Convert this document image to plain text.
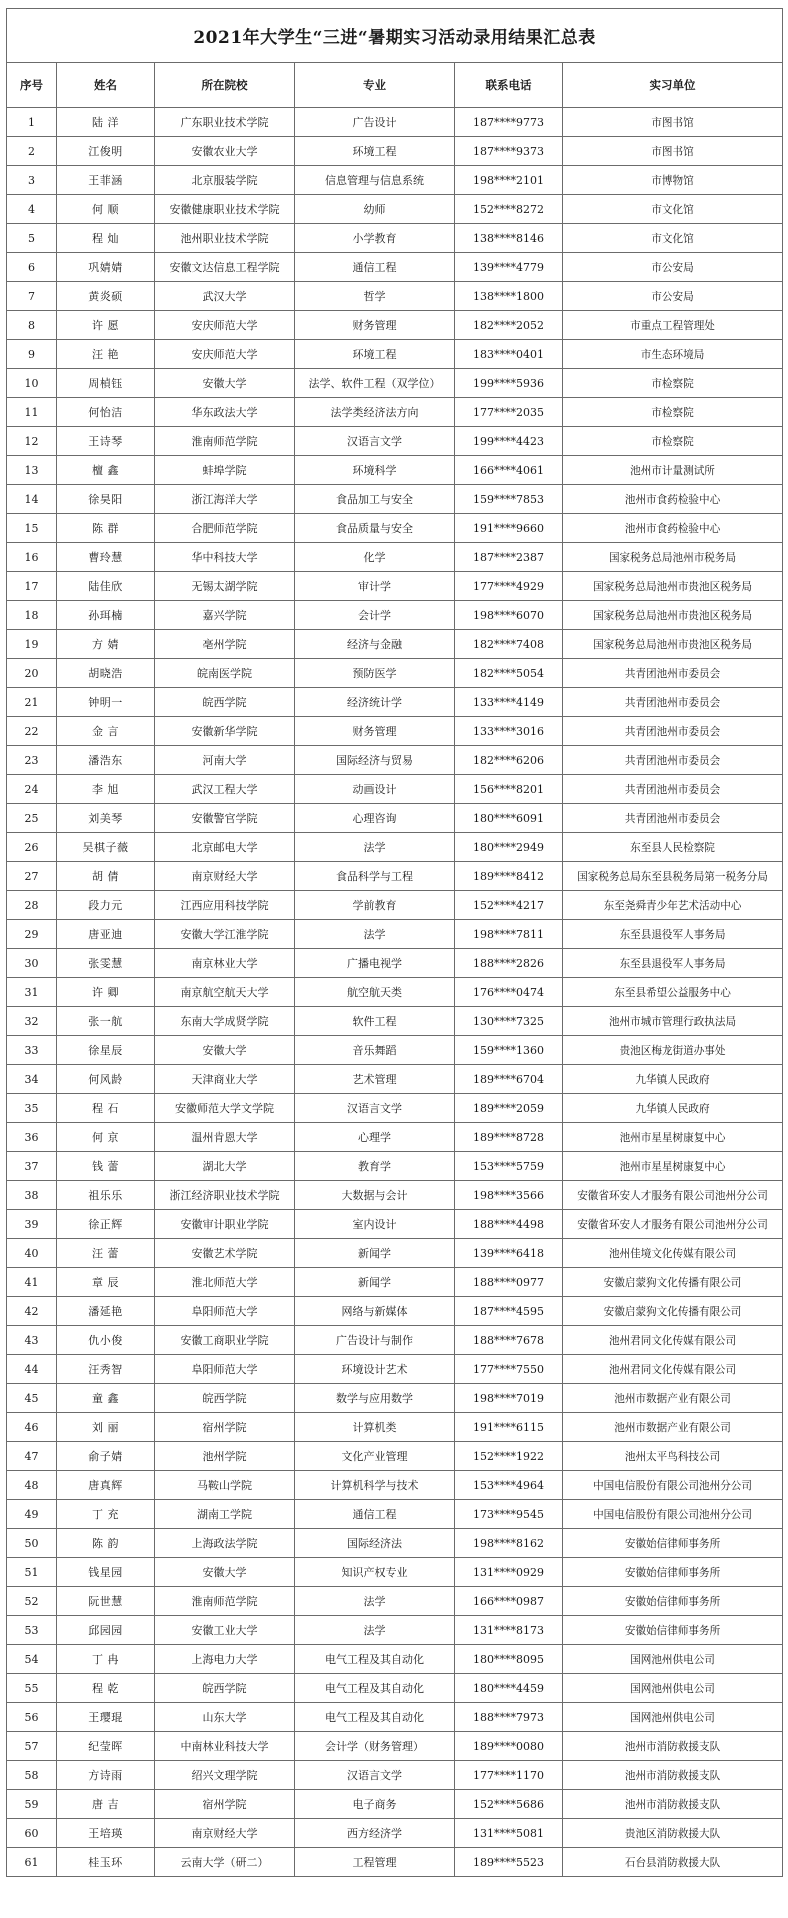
2021年大学生“三进“暑期实习活动录用结果汇总表					
序号	姓名	所在院校	专业	联系电话	实习单位
1	陆 洋	广东职业技术学院	广告设计	187****9773	市图书馆
2	江俊明	安徽农业大学	环境工程	187****9373	市图书馆
3	王菲涵	北京服装学院	信息管理与信息系统	198****2101	市博物馆
4	何 顺	安徽健康职业技术学院	幼师	152****8272	市文化馆
5	程 灿	池州职业技术学院	小学教育	138****8146	市文化馆
6	巩婧婧	安徽文达信息工程学院	通信工程	139****4779	市公安局
7	黄炎硕	武汉大学	哲学	138****1800	市公安局
8	许 愿	安庆师范大学	财务管理	182****2052	市重点工程管理处
9	汪 艳	安庆师范大学	环境工程	183****0401	市生态环境局
10	周楨钰	安徽大学	法学、软件工程（双学位）	199****5936	市检察院
11	何怡洁	华东政法大学	法学类经济法方向	177****2035	市检察院
12	王诗琴	淮南师范学院	汉语言文学	199****4423	市检察院
13	檀 鑫	蚌埠学院	环境科学	166****4061	池州市计量测试所
14	徐昊阳	浙江海洋大学	食品加工与安全	159****7853	池州市食药检验中心
15	陈 群	合肥师范学院	食品质量与安全	191****9660	池州市食药检验中心
16	曹玲慧	华中科技大学	化学	187****2387	国家税务总局池州市税务局
17	陆佳欣	无锡太湖学院	审计学	177****4929	国家税务总局池州市贵池区税务局
18	孙珥楠	嘉兴学院	会计学	198****6070	国家税务总局池州市贵池区税务局
19	方 婧	亳州学院	经济与金融	182****7408	国家税务总局池州市贵池区税务局
20	胡晓浩	皖南医学院	预防医学	182****5054	共青团池州市委员会
21	钟明一	皖西学院	经济统计学	133****4149	共青团池州市委员会
22	金 言	安徽新华学院	财务管理	133****3016	共青团池州市委员会
23	潘浩东	河南大学	国际经济与贸易	182****6206	共青团池州市委员会
24	李 旭	武汉工程大学	动画设计	156****8201	共青团池州市委员会
25	刘美琴	安徽警官学院	心理咨询	180****6091	共青团池州市委员会
26	吴棋子薇	北京邮电大学	法学	180****2949	东至县人民检察院
27	胡 倩	南京财经大学	食品科学与工程	189****8412	国家税务总局东至县税务局第一税务分局
28	段力元	江西应用科技学院	学前教育	152****4217	东至尧舜青少年艺术活动中心
29	唐亚迪	安徽大学江淮学院	法学	198****7811	东至县退役军人事务局
30	张雯慧	南京林业大学	广播电视学	188****2826	东至县退役军人事务局
31	许 卿	南京航空航天大学	航空航天类	176****0474	东至县希望公益服务中心
32	张一航	东南大学成贤学院	软件工程	130****7325	池州市城市管理行政执法局
33	徐星辰	安徽大学	音乐舞蹈	159****1360	贵池区梅龙街道办事处
34	何风龄	天津商业大学	艺术管理	189****6704	九华镇人民政府
35	程 石	安徽师范大学文学院	汉语言文学	189****2059	九华镇人民政府
36	何 京	温州肯恩大学	心理学	189****8728	池州市星星树康复中心
37	钱 蕾	湖北大学	教育学	153****5759	池州市星星树康复中心
38	祖乐乐	浙江经济职业技术学院	大数据与会计	198****3566	安徽省环安人才服务有限公司池州分公司
39	徐正辉	安徽审计职业学院	室内设计	188****4498	安徽省环安人才服务有限公司池州分公司
40	汪 蕾	安徽艺术学院	新闻学	139****6418	池州佳境文化传媒有限公司
41	章 辰	淮北师范大学	新闻学	188****0977	安徽启蒙狗文化传播有限公司
42	潘延艳	阜阳师范大学	网络与新媒体	187****4595	安徽启蒙狗文化传播有限公司
43	仇小俊	安徽工商职业学院	广告设计与制作	188****7678	池州君同文化传媒有限公司
44	汪秀智	阜阳师范大学	环境设计艺术	177****7550	池州君同文化传媒有限公司
45	童 鑫	皖西学院	数学与应用数学	198****7019	池州市数据产业有限公司
46	刘 丽	宿州学院	计算机类	191****6115	池州市数据产业有限公司
47	俞子婧	池州学院	文化产业管理	152****1922	池州太平鸟科技公司
48	唐真辉	马鞍山学院	计算机科学与技术	153****4964	中国电信股份有限公司池州分公司
49	丁 充	湖南工学院	通信工程	173****9545	中国电信股份有限公司池州分公司
50	陈 韵	上海政法学院	国际经济法	198****8162	安徽始信律师事务所
51	钱星园	安徽大学	知识产权专业	131****0929	安徽始信律师事务所
52	阮世慧	淮南师范学院	法学	166****0987	安徽始信律师事务所
53	邱园园	安徽工业大学	法学	131****8173	安徽始信律师事务所
54	丁 冉	上海电力大学	电气工程及其自动化	180****8095	国网池州供电公司
55	程 乾	皖西学院	电气工程及其自动化	180****4459	国网池州供电公司
56	王璎琨	山东大学	电气工程及其自动化	188****7973	国网池州供电公司
57	纪莹晖	中南林业科技大学	会计学（财务管理）	189****0080	池州市消防救援支队
58	方诗雨	绍兴文理学院	汉语言文学	177****1170	池州市消防救援支队
59	唐 吉	宿州学院	电子商务	152****5686	池州市消防救援支队
60	王培瑛	南京财经大学	西方经济学	131****5081	贵池区消防救援大队
61	桂玉环	云南大学（研二）	工程管理	189****5523	石台县消防救援大队
